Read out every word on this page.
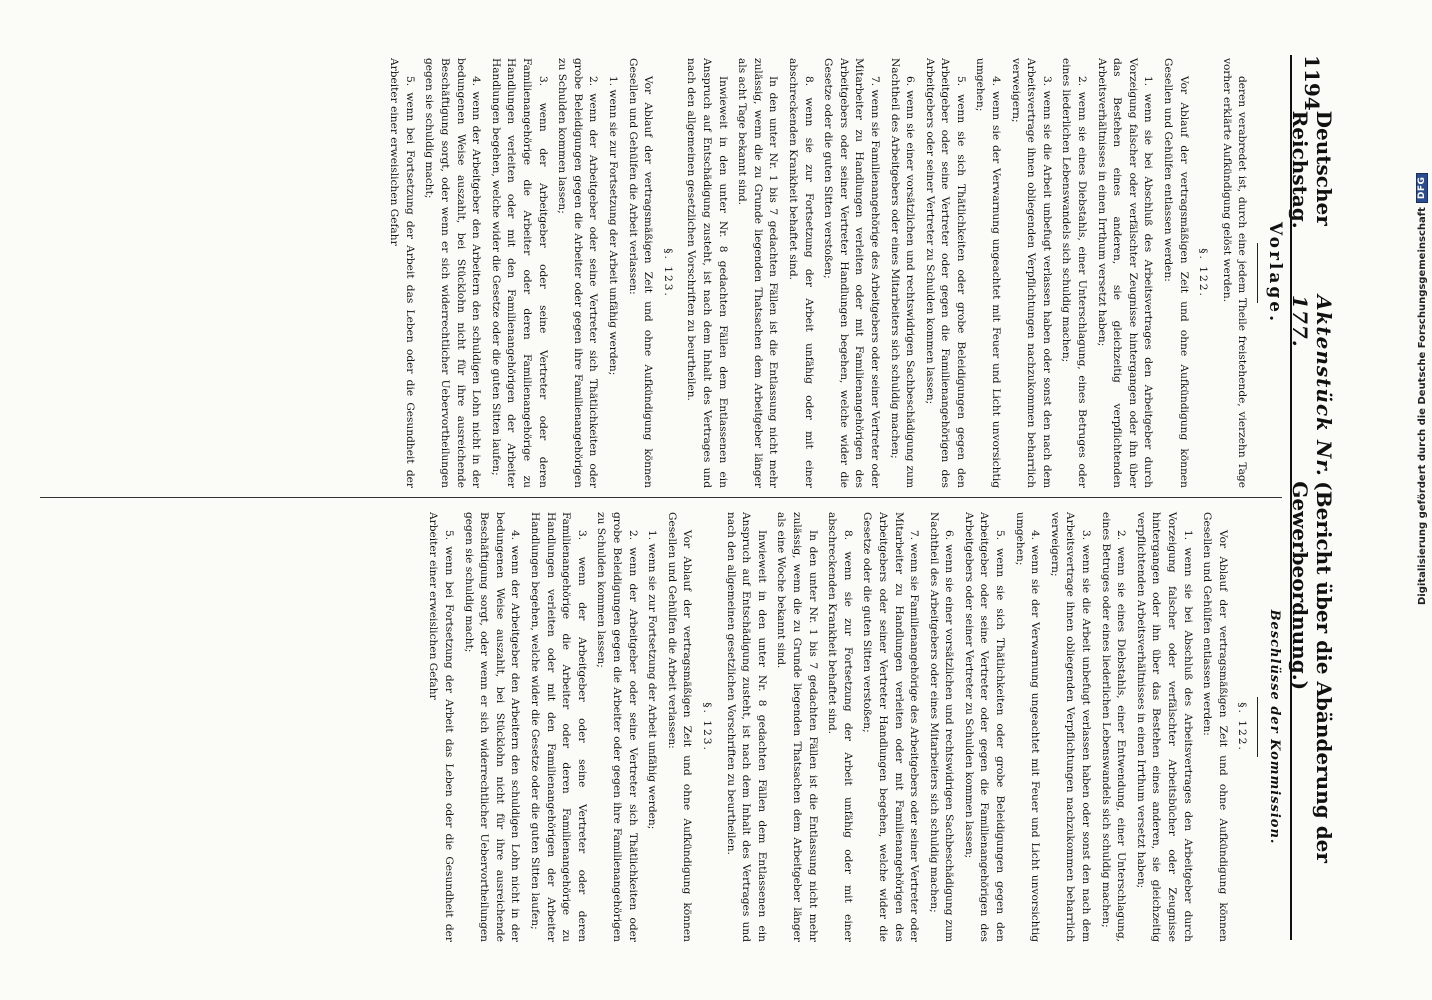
1194
Deutscher Reichstag.
Aktenstück Nr. 177.
(Bericht über die Abänderung der Gewerbeordnung.)
Vorlage.

deren verabredet ist, durch eine jedem Theile freistehende, vierzehn Tage vorher erklärte Aufkündigung gelöst werden.

§. 122.

Vor Ablauf der vertragsmäßigen Zeit und ohne Aufkündigung können Gesellen und Gehülfen entlassen werden:

1. wenn sie bei Abschluß des Arbeitsvertrages den Arbeitgeber durch Vorzeigung falscher oder verfälschter Zeugnisse hintergangen oder ihn über das Bestehen eines anderen, sie gleichzeitig verpflichtenden Arbeitsverhältnisses in einen Irrthum versetzt haben;
2. wenn sie eines Diebstahls, einer Unterschlagung, eines Betruges oder eines liederlichen Lebenswandels sich schuldig machen;
3. wenn sie die Arbeit unbefugt verlassen haben oder sonst den nach dem Arbeitsvertrage ihnen obliegenden Verpflichtungen nachzukommen beharrlich verweigern;
4. wenn sie der Verwarnung ungeachtet mit Feuer und Licht unvorsichtig umgehen;
5. wenn sie sich Thätlichkeiten oder grobe Beleidigungen gegen den Arbeitgeber oder seine Vertreter oder gegen die Familienangehörigen des Arbeitgebers oder seiner Vertreter zu Schulden kommen lassen;
6. wenn sie einer vorsätzlichen und rechtswidrigen Sachbeschädigung zum Nachtheil des Arbeitgebers oder eines Mitarbeiters sich schuldig machen;
7. wenn sie Familienangehörige des Arbeitgebers oder seiner Vertreter oder Mitarbeiter zu Handlungen verleiten oder mit Familienangehörigen des Arbeitgebers oder seiner Vertreter Handlungen begehen, welche wider die Gesetze oder die guten Sitten verstoßen;
8. wenn sie zur Fortsetzung der Arbeit unfähig oder mit einer abschreckenden Krankheit behaftet sind.

In den unter Nr. 1 bis 7 gedachten Fällen ist die Entlassung nicht mehr zulässig, wenn die zu Grunde liegenden Thatsachen dem Arbeitgeber länger als acht Tage bekannt sind.

Inwieweit in den unter Nr. 8 gedachten Fällen dem Entlassenen ein Anspruch auf Entschädigung zusteht, ist nach dem Inhalt des Vertrages und nach den allgemeinen gesetzlichen Vorschriften zu beurtheilen.

§. 123.

Vor Ablauf der vertragsmäßigen Zeit und ohne Aufkündigung können Gesellen und Gehülfen die Arbeit verlassen:

1. wenn sie zur Fortsetzung der Arbeit unfähig werden;
2. wenn der Arbeitgeber oder seine Vertreter sich Thätlichkeiten oder grobe Beleidigungen gegen die Arbeiter oder gegen ihre Familienangehörigen zu Schulden kommen lassen;
3. wenn der Arbeitgeber oder seine Vertreter oder deren Familienangehörige die Arbeiter oder deren Familienangehörige zu Handlungen verleiten oder mit den Familienangehörigen der Arbeiter Handlungen begehen, welche wider die Gesetze oder die guten Sitten laufen;
4. wenn der Arbeitgeber den Arbeitern den schuldigen Lohn nicht in der bedungenen Weise auszahlt, bei Stücklohn nicht für ihre ausreichende Beschäftigung sorgt, oder wenn er sich widerrechtlicher Uebervortheilungen gegen sie schuldig macht;
5. wenn bei Fortsetzung der Arbeit das Leben oder die Gesundheit der Arbeiter einer erweislichen Gefahr
Beschlüsse der Kommission.
§. 122.

Vor Ablauf der vertragsmäßigen Zeit und ohne Aufkündigung können Gesellen und Gehülfen entlassen werden:

1. wenn sie bei Abschluß des Arbeitsvertrages den Arbeitgeber durch Vorzeigung falscher oder verfälschter Arbeitsbücher oder Zeugnisse hintergangen oder ihn über das Bestehen eines anderen, sie gleichzeitig verpflichtenden Arbeitsverhältnisses in einen Irrthum versetzt haben;
2. wenn sie eines Diebstahls, einer Entwendung, einer Unterschlagung, eines Betruges oder eines liederlichen Lebenswandels sich schuldig machen;
3. wenn sie die Arbeit unbefugt verlassen haben oder sonst den nach dem Arbeitsvertrage ihnen obliegenden Verpflichtungen nachzukommen beharrlich verweigern;
4. wenn sie der Verwarnung ungeachtet mit Feuer und Licht unvorsichtig umgehen;
5. wenn sie sich Thätlichkeiten oder grobe Beleidigungen gegen den Arbeitgeber oder seine Vertreter oder gegen die Familienangehörigen des Arbeitgebers oder seiner Vertreter zu Schulden kommen lassen;
6. wenn sie einer vorsätzlichen und rechtswidrigen Sachbeschädigung zum Nachtheil des Arbeitgebers oder eines Mitarbeiters sich schuldig machen;
7. wenn sie Familienangehörige des Arbeitgebers oder seiner Vertreter oder Mitarbeiter zu Handlungen verleiten oder mit Familienangehörigen des Arbeitgebers oder seiner Vertreter Handlungen begehen, welche wider die Gesetze oder die guten Sitten verstoßen;
8. wenn sie zur Fortsetzung der Arbeit unfähig oder mit einer abschreckenden Krankheit behaftet sind.

In den unter Nr. 1 bis 7 gedachten Fällen ist die Entlassung nicht mehr zulässig, wenn die zu Grunde liegenden Thatsachen dem Arbeitgeber länger als eine Woche bekannt sind.

Inwieweit in den unter Nr. 8 gedachten Fällen dem Entlassenen ein Anspruch auf Entschädigung zusteht, ist nach dem Inhalt des Vertrages und nach den allgemeinen gesetzlichen Vorschriften zu beurtheilen.

§. 123.

Vor Ablauf der vertragsmäßigen Zeit und ohne Aufkündigung können Gesellen und Gehülfen die Arbeit verlassen:

1. wenn sie zur Fortsetzung der Arbeit unfähig werden;
2. wenn der Arbeitgeber oder seine Vertreter sich Thätlichkeiten oder grobe Beleidigungen gegen die Arbeiter oder gegen ihre Familienangehörigen zu Schulden kommen lassen;
3. wenn der Arbeitgeber oder seine Vertreter oder deren Familienangehörige die Arbeiter oder deren Familienangehörige zu Handlungen verleiten oder mit den Familienangehörigen der Arbeiter Handlungen begehen, welche wider die Gesetze oder die guten Sitten laufen;
4. wenn der Arbeitgeber den Arbeitern den schuldigen Lohn nicht in der bedungenen Weise auszahlt, bei Stücklohn nicht für ihre ausreichende Beschäftigung sorgt, oder wenn er sich widerrechtlicher Uebervortheilungen gegen sie schuldig macht;
5. wenn bei Fortsetzung der Arbeit das Leben oder die Gesundheit der Arbeiter einer erweislichen Gefahr
Digitalisierung gefördert durch die Deutsche Forschungsgemeinschaft
DFG
